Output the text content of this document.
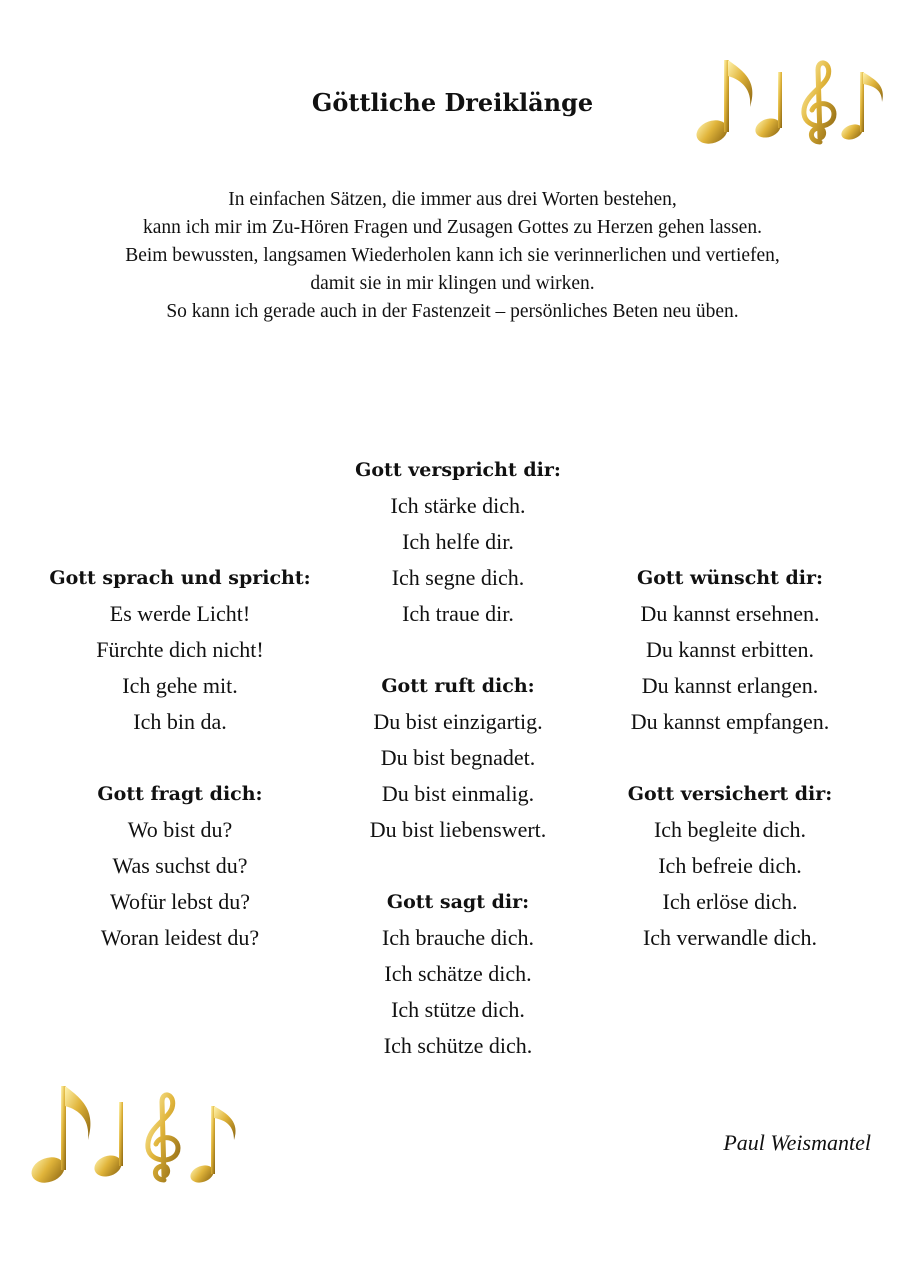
Göttliche Dreiklänge
In einfachen Sätzen, die immer aus drei Worten bestehen,
kann ich mir im Zu-Hören Fragen und Zusagen Gottes zu Herzen gehen lassen.
Beim bewussten, langsamen Wiederholen kann ich sie verinnerlichen und vertiefen,
damit sie in mir klingen und wirken.
So kann ich gerade auch in der Fastenzeit – persönliches Beten neu üben.
Gott sprach und spricht:
Es werde Licht!
Fürchte dich nicht!
Ich gehe mit.
Ich bin da.
Gott fragt dich:
Wo bist du?
Was suchst du?
Wofür lebst du?
Woran leidest du?
Gott verspricht dir:
Ich stärke dich.
Ich helfe dir.
Ich segne dich.
Ich traue dir.
Gott ruft dich:
Du bist einzigartig.
Du bist begnadet.
Du bist einmalig.
Du bist liebenswert.
Gott sagt dir:
Ich brauche dich.
Ich schätze dich.
Ich stütze dich.
Ich schütze dich.
Gott wünscht dir:
Du kannst ersehnen.
Du kannst erbitten.
Du kannst erlangen.
Du kannst empfangen.
Gott versichert dir:
Ich begleite dich.
Ich befreie dich.
Ich erlöse dich.
Ich verwandle dich.
Paul Weismantel
